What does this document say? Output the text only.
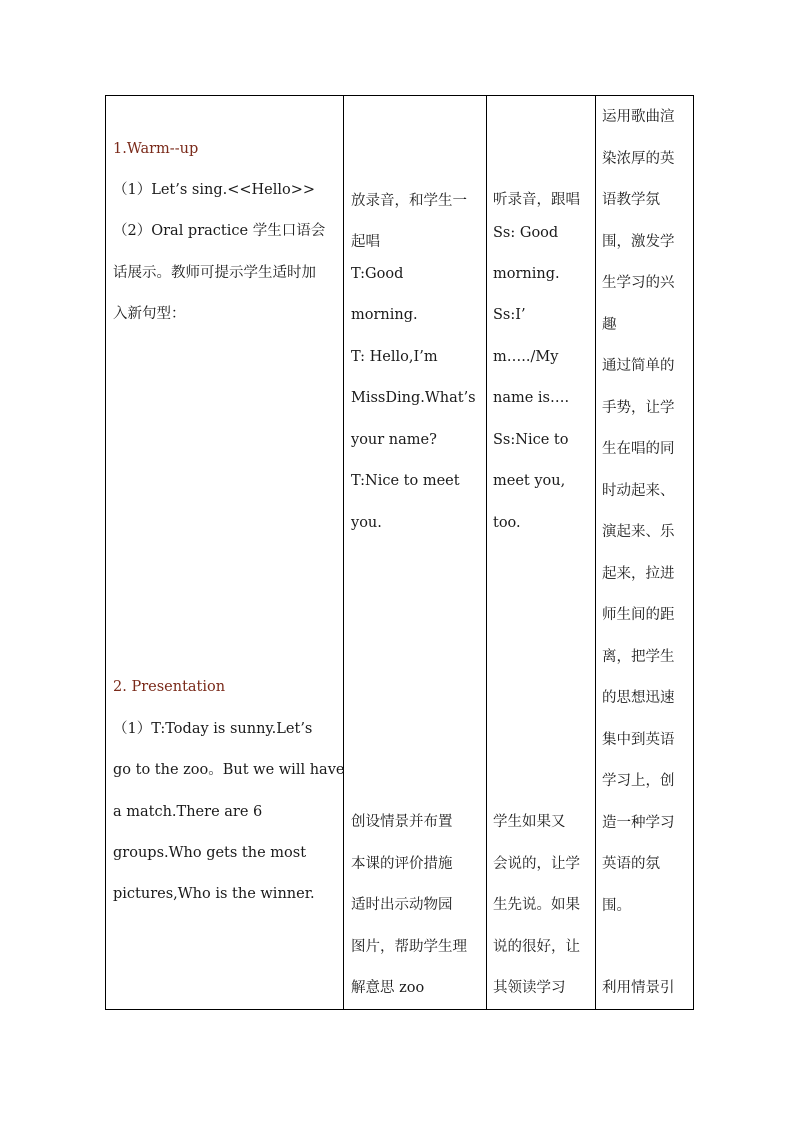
1.Warm--up
（1）Let’s sing.<<Hello>>
（2）Oral practice 学生口语会
话展示。教师可提示学生适时加
入新句型：
2. Presentation
（1）T:Today is sunny.Let’s
go to the zoo。But we will have
a match.There are 6
groups.Who gets the most
pictures,Who is the winner.

放录音，和学生一
起唱
T:Good
morning.
T: Hello,I’m
MissDing.What’s
your name?
T:Nice to meet
you.
创设情景并布置
本课的评价措施
适时出示动物园
图片，帮助学生理
解意思 zoo

听录音，跟唱
Ss: Good
morning.
Ss:I’
m…../My
name is….
Ss:Nice to
meet you,
too.
学生如果又
会说的，让学
生先说。如果
说的很好，让
其领读学习

运用歌曲渲
染浓厚的英
语教学氛
围，激发学
生学习的兴
趣
通过简单的
手势，让学
生在唱的同
时动起来、
演起来、乐
起来，拉进
师生间的距
离，把学生
的思想迅速
集中到英语
学习上，创
造一种学习
英语的氛
围。
利用情景引
